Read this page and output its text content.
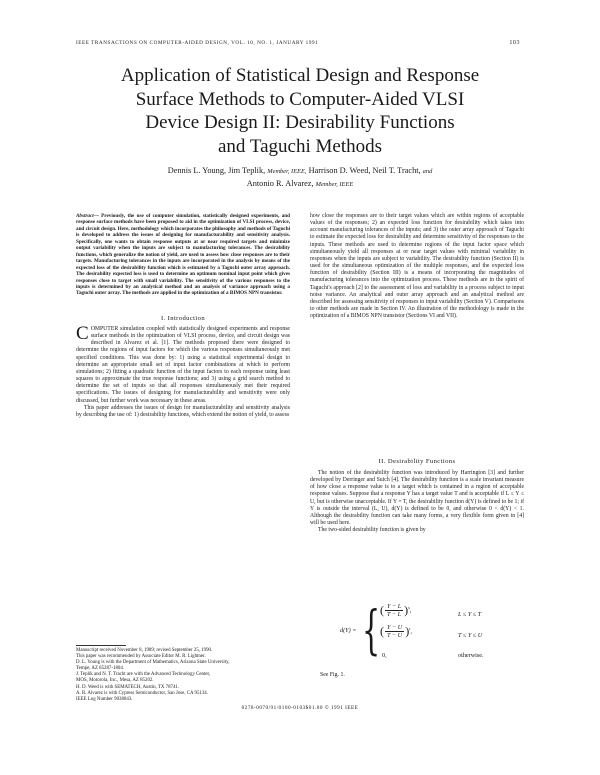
IEEE TRANSACTIONS ON COMPUTER-AIDED DESIGN, VOL. 10, NO. 1, JANUARY 1991	103
Application of Statistical Design and Response
Surface Methods to Computer-Aided VLSI
Device Design II: Desirability Functions
and Taguchi Methods
Dennis L. Young, Jim Teplik, Member, IEEE, Harrison D. Weed, Neil T. Tracht, and
Antonio R. Alvarez, Member, IEEE
Abstract— Previously, the use of computer simulation, statistically designed experiments, and response surface methods have been proposed to aid in the optimization of VLSI process, device, and circuit design. Here, methodology which incorporates the philosophy and methods of Taguchi is developed to address the issues of designing for manufacturability and sensitivity analysis. Specifically, one wants to obtain response outputs at or near required targets and minimize output variability when the inputs are subject to manufacturing tolerances. The desirability functions, which generalize the notion of yield, are used to assess how close responses are to their targets. Manufacturing tolerances in the inputs are incorporated in the analysis by means of the expected loss of the desirability function which is estimated by a Taguchi outer array approach. The desirability expected loss is used to determine an optimum nominal input point which gives responses close to target with small variability. The sensitivity of the various responses to the inputs is determined by an analytical method and an analysis of variance approach using a Taguchi outer array. The methods are applied in the optimization of a BIMOS NPN transistor.
I. Introduction

COMPUTER simulation coupled with statistically designed experiments and response surface methods in the optimization of VLSI process, device, and circuit design was described in Alvarez et al. [1]. The methods proposed there were designed to determine the regions of input factors for which the various responses simultaneously met specified conditions. This was done by: 1) using a statistical experimental design to determine an appropriate small set of input factor combinations at which to perform simulations; 2) fitting a quadratic function of the input factors to each response using least squares to approximate the true response functions; and 3) using a grid search method to determine the set of inputs so that all responses simultaneously met their required specifications. The issues of designing for manufacturability and sensitivity were only discussed, but further work was necessary in these areas.

This paper addresses the issues of design for manufacturability and sensitivity analysis by describing the use of: 1) desirability functions, which extend the notion of yield, to assess

Manuscript received November 8, 1989; revised September 25, 1990.
This paper was recommended by Associate Editor M. R. Lightner.
D. L. Young is with the Department of Mathematics, Arizona State University,
Tempe, AZ 85287-1804.
J. Teplik and N. T. Tracht are with the Advanced Technology Center,
MOS, Motorola, Inc., Mesa, AZ 85202.
H. D. Weed is with SEMATECH, Austin, TX 78741.
A. R. Alvarez is with Cypress Semiconductor, San Jose, CA 95134.
IEEE Log Number 9038843.

how close the responses are to their target values which are within regions of acceptable values of the responses; 2) an expected loss function for desirability which takes into account manufacturing tolerances of the inputs; and 3) the outer array approach of Taguchi to estimate the expected loss for desirability and determine sensitivity of the responses to the inputs. These methods are used to determine regions of the input factor space which simultaneously yield all responses at or near target values with minimal variability in responses when the inputs are subject to variability. The desirability function (Section II) is used for the simultaneous optimization of the multiple responses, and the expected loss function of desirability (Section III) is a means of incorporating the magnitudes of manufacturing tolerances into the optimization process. These methods are in the spirit of Taguchi's approach [2] to the assessment of loss and variability in a process subject to input noise variance. An analytical and outer array approach and an analytical method are described for assessing sensitivity of responses to input variability (Section V). Comparisons to other methods are made in Section IV. An illustration of the methodology is made in the optimization of a BIMOS NPN transistor (Sections VI and VII).

II. Desirability Functions

The notion of the desirability function was introduced by Harrington [3] and further developed by Derringer and Suich [4]. The desirability function is a scale invariant measure of how close a response value is to a target which is contained in a region of acceptable response values. Suppose that a response Y has a target value T and is acceptable if L ≤ Y ≤ U, but is otherwise unacceptable. If Y = T, the desirability function d(Y) is defined to be 1; if Y is outside the interval (L, U), d(Y) is defined to be 0, and otherwise 0 < d(Y) < 1. Although the desirability function can take many forms, a very flexible form given in [4] will be used here.

The two-sided desirability function is given by

d(Y) = { ( $\frac{Y - L}{T - L} )^s$,
L ≤ Y ≤ T
( $\frac{Y - U}{T - U} )^t$,
T ≤ Y ≤ U
0,	otherwise.
See Fig. 1.
0278-0070/91/0100-0103$01.00 © 1991 IEEE
